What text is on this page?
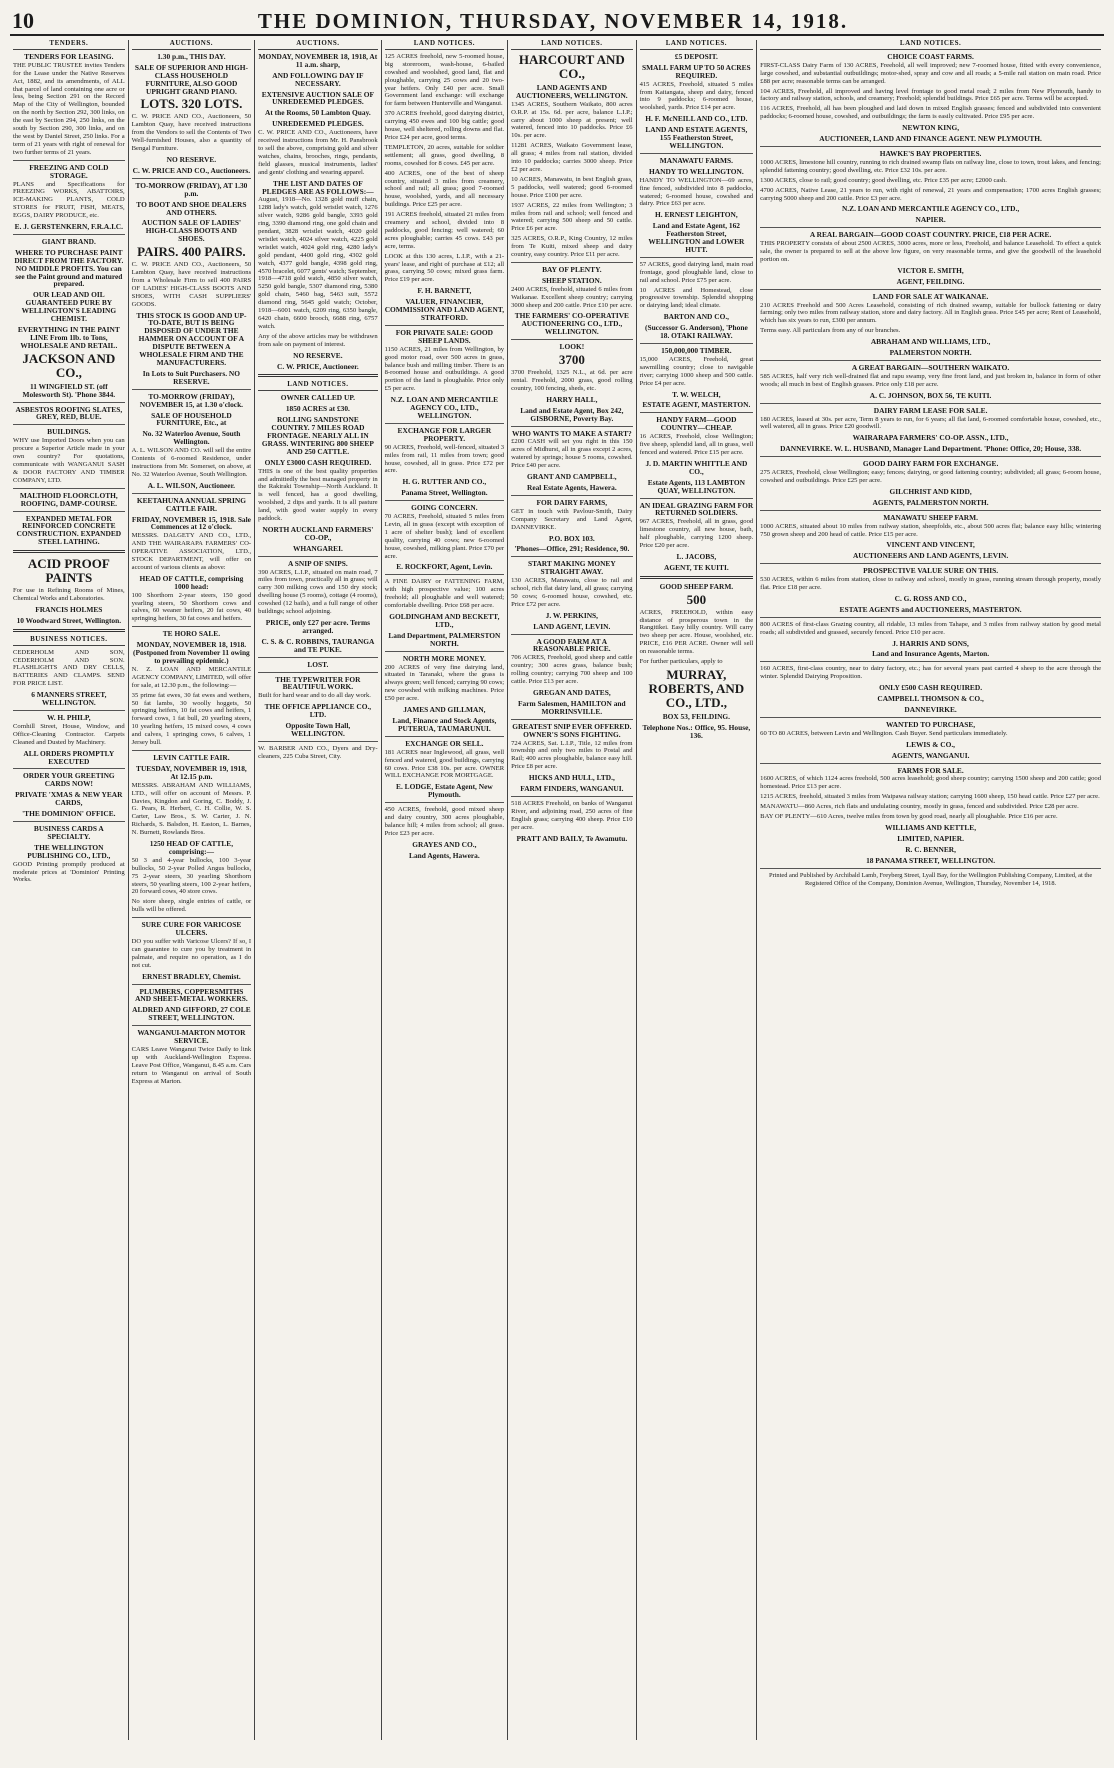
10	THE DOMINION, THURSDAY, NOVEMBER 14, 1918.
TENDERS.
TENDERS FOR LEASING.

THE PUBLIC TRUSTEE invites Tenders for the Lease under the Native Reserves Act, 1882, and its amendments, of ALL that parcel of land containing one acre or less, being Section 291 on the Record Map of the City of Wellington, bounded on the north by Section 292, 300 links, on the east by Section 294, 250 links, on the south by Section 290, 300 links, and on the west by Daniel Street, 250 links. For a term of 21 years with right of renewal for two further terms of 21 years.

FREEZING AND COLD STORAGE.

PLANS and Specifications for FREEZING WORKS, ABATTOIRS, ICE-MAKING PLANTS, COLD STORES for FRUIT, FISH, MEATS, EGGS, DAIRY PRODUCE, etc.

E. J. GERSTENKERN, F.R.A.I.C.
GIANT BRAND.

WHERE TO PURCHASE PAINT DIRECT FROM THE FACTORY. NO MIDDLE PROFITS. You can see the Paint ground and matured prepared.

OUR LEAD AND OIL GUARANTEED PURE BY WELLINGTON'S LEADING CHEMIST.

EVERYTHING IN THE PAINT LINE From 1lb. to Tons, WHOLESALE AND RETAIL.

JACKSON AND CO.,

11 WINGFIELD ST. (off Molesworth St). 'Phone 3844.

ASBESTOS ROOFING SLATES, GREY, RED, BLUE.
BUILDINGS.

WHY use Imported Doors when you can procure a Superior Article made in your own country? For quotations, communicate with WANGANUI SASH & DOOR FACTORY AND TIMBER COMPANY, LTD.

MALTHOID FLOORCLOTH, ROOFING, DAMP-COURSE.
EXPANDED METAL FOR REINFORCED CONCRETE CONSTRUCTION. EXPANDED STEEL LATHING.
ACID PROOF PAINTS

For use in Refining Rooms of Mines, Chemical Works and Laboratories.

FRANCIS HOLMES

10 Woodward Street, Wellington.

BUSINESS NOTICES.

CEDERHOLM AND SON, CEDERHOLM AND SON. FLASHLIGHTS AND DRY CELLS, BATTERIES AND CLAMPS. SEND FOR PRICE LIST.

6 MANNERS STREET, WELLINGTON.

W. H. PHILP,

Cornhill Street, House, Window, and Office-Cleaning Contractor. Carpets Cleaned and Dusted by Machinery.

ALL ORDERS PROMPTLY EXECUTED

ORDER YOUR GREETING CARDS NOW!
PRIVATE 'XMAS & NEW YEAR CARDS,

'THE DOMINION' OFFICE.

BUSINESS CARDS A SPECIALTY.
THE WELLINGTON PUBLISHING CO., LTD.,

GOOD Printing promptly produced at moderate prices at 'Dominion' Printing Works.

AUCTIONS.
1.30 p.m., THIS DAY.
SALE OF SUPERIOR AND HIGH-CLASS HOUSEHOLD FURNITURE, ALSO GOOD UPRIGHT GRAND PIANO.
LOTS. 320 LOTS.

C. W. PRICE AND CO., Auctioneers, 50 Lambton Quay, have received instructions from the Vendors to sell the Contents of Two Well-furnished Houses, also a quantity of Bengal Furniture.

NO RESERVE.

C. W. PRICE AND CO., Auctioneers.

TO-MORROW (FRIDAY), AT 1.30 p.m.
TO BOOT AND SHOE DEALERS AND OTHERS.
AUCTION SALE OF LADIES' HIGH-CLASS BOOTS AND SHOES.
PAIRS. 400 PAIRS.

C. W. PRICE AND CO., Auctioneers, 50 Lambton Quay, have received instructions from a Wholesale Firm to sell 400 PAIRS OF LADIES' HIGH-CLASS BOOTS AND SHOES, WITH CASH SUPPLIERS' GOODS.

THIS STOCK IS GOOD AND UP-TO-DATE, BUT IS BEING DISPOSED OF UNDER THE HAMMER ON ACCOUNT OF A DISPUTE BETWEEN A WHOLESALE FIRM AND THE MANUFACTURERS.

In Lots to Suit Purchasers. NO RESERVE.

TO-MORROW (FRIDAY), NOVEMBER 15, at 1.30 o'clock.
SALE OF HOUSEHOLD FURNITURE, Etc., at

No. 32 Waterloo Avenue, South Wellington.

A. L. WILSON AND CO. will sell the entire Contents of 6-roomed Residence, under instructions from Mr. Somerset, on above, at No. 32 Waterloo Avenue, South Wellington.

A. L. WILSON, Auctioneer.

KEETAHUNA ANNUAL SPRING CATTLE FAIR.

FRIDAY, NOVEMBER 15, 1918. Sale Commences at 12 o'clock.

MESSRS. DALGETY AND CO., LTD., AND THE WAIRARAPA FARMERS' CO-OPERATIVE ASSOCIATION, LTD., STOCK DEPARTMENT, will offer on account of various clients as above:

HEAD OF CATTLE, comprising 1000 head:

100 Shorthorn 2-year steers, 150 good yearling steers, 50 Shorthorn cows and calves, 60 weaner heifers, 20 fat cows, 40 springing heifers, 30 fat cows and heifers.

TE HORO SALE.

MONDAY, NOVEMBER 18, 1918. (Postponed from November 11 owing to prevailing epidemic.)

N. Z. LOAN AND MERCANTILE AGENCY COMPANY, LIMITED, will offer for sale, at 12.30 p.m., the following:—

35 prime fat ewes, 30 fat ewes and wethers, 50 fat lambs, 30 woolly hoggets, 50 springing heifers, 10 fat cows and heifers, 1 forward cows, 1 fat bull, 20 yearling steers, 10 yearling heifers, 15 mixed cows, 4 cows and calves, 1 springing cows, 6 calves, 1 Jersey bull.

LEVIN CATTLE FAIR.

TUESDAY, NOVEMBER 19, 1918, At 12.15 p.m.

MESSRS. ABRAHAM AND WILLIAMS, LTD., will offer on account of Messrs. P. Davies, Kingdon and Goring, C. Boddy, J. G. Pears, R. Herbert, C. H. Collie, W. S. Carter, Law Bros., S. W. Carter, J. N. Richards, S. Balsdon, H. Easton, L. Barnes, N. Burnett, Rowlands Bros.

1250 HEAD OF CATTLE, comprising:—

50 3 and 4-year bullocks, 100 3-year bullocks, 50 2-year Polled Angus bullocks, 75 2-year steers, 30 yearling Shorthorn steers, 50 yearling steers, 100 2-year heifers, 20 forward cows, 40 store cows.

No store sheep, single entries of cattle, or bulls will be offered.

SURE CURE FOR VARICOSE ULCERS.

DO you suffer with Varicose Ulcers? If so, I can guarantee to cure you by treatment in palmate, and require no operation, as I do not cut.

ERNEST BRADLEY, Chemist.

PLUMBERS, COPPERSMITHS AND SHEET-METAL WORKERS.

ALDRED AND GIFFORD, 27 COLE STREET, WELLINGTON.

WANGANUI-MARTON MOTOR SERVICE.

CARS Leave Wanganui Twice Daily to link up with Auckland-Wellington Express. Leave Post Office, Wanganui, 8.45 a.m. Cars return to Wanganui on arrival of South Express at Marton.

AUCTIONS.
MONDAY, NOVEMBER 18, 1918, At 11 a.m. sharp,
AND FOLLOWING DAY IF NECESSARY.
EXTENSIVE AUCTION SALE OF UNREDEEMED PLEDGES.

At the Rooms, 50 Lambton Quay.

UNREDEEMED PLEDGES.

C. W. PRICE AND CO., Auctioneers, have received instructions from Mr. H. Pansbrook to sell the above, comprising gold and silver watches, chains, brooches, rings, pendants, field glasses, musical instruments, ladies' and gents' clothing and wearing apparel.

THE LIST AND DATES OF PLEDGES ARE AS FOLLOWS:—

August, 1918—No. 1328 gold muff chain, 1288 lady's watch, gold wristlet watch, 1276 silver watch, 9286 gold bangle, 3393 gold ring, 3390 diamond ring, one gold chain and pendant, 3828 wristlet watch, 4020 gold wristlet watch, 4024 silver watch, 4225 gold wristlet watch, 4024 gold ring, 4280 lady's gold pendant, 4400 gold ring, 4302 gold watch, 4377 gold bangle, 4398 gold ring, 4570 bracelet, 6077 gents' watch; September, 1918—4718 gold watch, 4850 silver watch, 5250 gold bangle, 5307 diamond ring, 5380 gold chain, 5460 bag, 5463 suit, 5572 diamond ring, 5645 gold watch; October, 1918—6001 watch, 6209 ring, 6350 bangle, 6420 chain, 6600 brooch, 6688 ring, 6757 watch.

Any of the above articles may be withdrawn from sale on payment of interest.

NO RESERVE.

C. W. PRICE, Auctioneer.

LAND NOTICES.
OWNER CALLED UP.
1850 ACRES at £30.

ROLLING SANDSTONE COUNTRY. 7 MILES ROAD FRONTAGE. NEARLY ALL IN GRASS. WINTERING 800 SHEEP AND 250 CATTLE.

ONLY £3000 CASH REQUIRED.

THIS is one of the best quality properties and admittedly the best managed property in the Rakiraki Township—North Auckland. It is well fenced, has a good dwelling, woolshed, 2 dips and yards. It is all pasture land, with good water supply in every paddock.

NORTH AUCKLAND FARMERS' CO-OP.,

WHANGAREI.

A SNIP OF SNIPS.

390 ACRES, L.I.P., situated on main road, 7 miles from town, practically all in grass; will carry 300 milking cows and 150 dry stock; dwelling house (5 rooms), cottage (4 rooms), cowshed (12 bails), and a full range of other buildings; school adjoining.

PRICE, only £27 per acre. Terms arranged.

C. S. & C. ROBBINS, TAURANGA and TE PUKE.

LOST.
THE TYPEWRITER FOR BEAUTIFUL WORK.

Built for hard wear and to do all day work.

THE OFFICE APPLIANCE CO., LTD.

Opposite Town Hall, WELLINGTON.

W. BARBER AND CO., Dyers and Dry-cleaners, 225 Cuba Street, City.

LAND NOTICES.

125 ACRES freehold, new 5-roomed house, big storeroom, wash-house, 6-bailed cowshed and woolshed, good land, flat and ploughable, carrying 25 cows and 20 two-year heifers. Only £40 per acre. Small Government land exchange: will exchange for farm between Hunterville and Wanganui.

370 ACRES freehold, good dairying district, carrying 450 ewes and 100 big cattle; good house, well sheltered, rolling downs and flat. Price £24 per acre, good terms.

TEMPLETON, 20 acres, suitable for soldier settlement; all grass, good dwelling, 8 rooms, cowshed for 8 cows. £45 per acre.

400 ACRES, one of the best of sheep country, situated 3 miles from creamery, school and rail; all grass; good 7-roomed house, woolshed, yards, and all necessary buildings. Price £25 per acre.

191 ACRES freehold, situated 21 miles from creamery and school, divided into 8 paddocks, good fencing; well watered; 60 acres ploughable; carries 45 cows. £43 per acre, terms.

LOOK at this 130 acres, L.I.P., with a 21-years' lease, and right of purchase at £12; all grass, carrying 50 cows; mixed grass farm. Price £19 per acre.

F. H. BARNETT,

VALUER, FINANCIER, COMMISSION AND LAND AGENT, STRATFORD.

FOR PRIVATE SALE: GOOD SHEEP LANDS.

1150 ACRES, 21 miles from Wellington, by good motor road, over 500 acres in grass, balance bush and milling timber. There is an 8-roomed house and outbuildings. A good portion of the land is ploughable. Price only £5 per acre.

N.Z. LOAN AND MERCANTILE AGENCY CO., LTD., WELLINGTON.

EXCHANGE FOR LARGER PROPERTY.

90 ACRES, Freehold, well-fenced, situated 3 miles from rail, 11 miles from town; good house, cowshed, all in grass. Price £72 per acre.

H. G. RUTTER AND CO.,

Panama Street, Wellington.

GOING CONCERN.

70 ACRES, Freehold, situated 5 miles from Levin, all in grass (except with exception of 1 acre of shelter bush); land of excellent quality, carrying 40 cows; new 6-roomed house, cowshed, milking plant. Price £70 per acre.

E. ROCKFORT, Agent, Levin.

A FINE DAIRY or FATTENING FARM, with high prospective value; 100 acres freehold; all ploughable and well watered; comfortable dwelling. Price £68 per acre.

GOLDINGHAM AND BECKETT, LTD.,

Land Department, PALMERSTON NORTH.

NORTH MORE MONEY.

200 ACRES of very fine dairying land, situated in Taranaki, where the grass is always green; well fenced; carrying 90 cows; new cowshed with milking machines. Price £50 per acre.

JAMES AND GILLMAN,

Land, Finance and Stock Agents, PUTERUA, TAUMARUNUI.

EXCHANGE OR SELL.

181 ACRES near Inglewood, all grass, well fenced and watered, good buildings, carrying 60 cows. Price £38 10s. per acre. OWNER WILL EXCHANGE FOR MORTGAGE.

E. LODGE, Estate Agent, New Plymouth.

450 ACRES, freehold, good mixed sheep and dairy country, 300 acres ploughable, balance hill; 4 miles from school; all grass. Price £23 per acre.

GRAYES AND CO.,

Land Agents, Hawera.

LAND NOTICES.
HARCOURT AND CO.,

LAND AGENTS AND AUCTIONEERS, WELLINGTON.

1345 ACRES, Southern Waikato, 800 acres O.R.P. at 15s. 6d. per acre, balance L.I.P.; carry about 1000 sheep at present; well watered, fenced into 10 paddocks. Price £6 10s. per acre.

11281 ACRES, Waikato Government lease, all grass; 4 miles from rail station, divided into 10 paddocks; carries 3000 sheep. Price £2 per acre.

10 ACRES, Manawatu, in best English grass, 5 paddocks, well watered; good 6-roomed house. Price £100 per acre.

1937 ACRES, 22 miles from Wellington; 3 miles from rail and school; well fenced and watered; carrying 500 sheep and 50 cattle. Price £6 per acre.

325 ACRES, O.R.P., King Country, 12 miles from Te Kuiti, mixed sheep and dairy country, easy country. Price £11 per acre.

BAY OF PLENTY.
SHEEP STATION.

2400 ACRES, freehold, situated 6 miles from Waikanae. Excellent sheep country; carrying 3000 sheep and 200 cattle. Price £10 per acre.

THE FARMERS' CO-OPERATIVE AUCTIONEERING CO., LTD., WELLINGTON.

LOOK!
3700

3700 Freehold, 1325 N.L., at 6d. per acre rental. Freehold, 2000 grass, good rolling country, 100 fencing, sheds, etc.

HARRY HALL,

Land and Estate Agent, Box 242, GISBORNE, Poverty Bay.

WHO WANTS TO MAKE A START?

£200 CASH will set you right in this 150 acres of Midhurst, all in grass except 2 acres, watered by springs; house 5 rooms, cowshed. Price £40 per acre.

GRANT AND CAMPBELL,

Real Estate Agents, Hawera.

FOR DAIRY FARMS,

GET in touch with Pavlour-Smith, Dairy Company Secretary and Land Agent, DANNEVIRKE.

P.O. BOX 103.

'Phones—Office, 291; Residence, 90.

START MAKING MONEY STRAIGHT AWAY.

130 ACRES, Manawatu, close to rail and school, rich flat dairy land, all grass; carrying 50 cows; 6-roomed house, cowshed, etc. Price £72 per acre.

J. W. PERKINS,

LAND AGENT, LEVIN.

A GOOD FARM AT A REASONABLE PRICE.

706 ACRES, Freehold, good sheep and cattle country; 300 acres grass, balance bush; rolling country; carrying 700 sheep and 100 cattle. Price £13 per acre.

GREGAN AND DATES,

Farm Salesmen, HAMILTON and MORRINSVILLE.

GREATEST SNIP EVER OFFERED. OWNER'S SONS FIGHTING.

724 ACRES, Sat. L.I.P., Title, 12 miles from township and only two miles to Postal and Rail; 400 acres ploughable, balance easy hill. Price £8 per acre.

HICKS AND HULL, LTD.,

FARM FINDERS, WANGANUI.

518 ACRES Freehold, on banks of Wanganui River, and adjoining road, 250 acres of fine English grass; carrying 400 sheep. Price £10 per acre.

PRATT AND BAILY, Te Awamutu.

LAND NOTICES.
£5 DEPOSIT.
SMALL FARM UP TO 50 ACRES REQUIRED.

415 ACRES, Freehold, situated 5 miles from Kaitangata, sheep and dairy, fenced into 9 paddocks; 6-roomed house, woolshed, yards. Price £14 per acre.

H. F. McNEILL AND CO., LTD.

LAND AND ESTATE AGENTS, 155 Featherston Street, WELLINGTON.

MANAWATU FARMS.
HANDY TO WELLINGTON.

HANDY TO WELLINGTON—69 acres, fine fenced, subdivided into 8 paddocks, watered; 6-roomed house, cowshed and dairy. Price £63 per acre.

H. ERNEST LEIGHTON,

Land and Estate Agent, 162 Featherston Street, WELLINGTON and LOWER HUTT.

57 ACRES, good dairying land, main road frontage, good ploughable land, close to rail and school. Price £75 per acre.

10 ACRES and Homestead, close progressive township. Splendid shopping or dairying land; ideal climate.

BARTON AND CO.,

(Successor G. Anderson), 'Phone 18. OTAKI RAILWAY.

150,000,000 TIMBER.

15,000 ACRES, Freehold, great sawmilling country; close to navigable river; carrying 1000 sheep and 500 cattle. Price £4 per acre.

T. W. WELCH,

ESTATE AGENT, MASTERTON.

HANDY FARM—GOOD COUNTRY—CHEAP.

16 ACRES, Freehold, close Wellington; five sheep, splendid land, all in grass, well fenced and watered. Price £15 per acre.

J. D. MARTIN WHITTLE AND CO.,

Estate Agents, 113 LAMBTON QUAY, WELLINGTON.

AN IDEAL GRAZING FARM FOR RETURNED SOLDIERS.

967 ACRES, Freehold, all in grass, good limestone country, all new house, bath, half ploughable, carrying 1200 sheep. Price £20 per acre.

L. JACOBS,

AGENT, TE KUITI.

GOOD SHEEP FARM.
500

ACRES, FREEHOLD, within easy distance of prosperous town in the Rangitikei. Easy hilly country. Will carry two sheep per acre. House, woolshed, etc. PRICE, £16 PER ACRE. Owner will sell on reasonable terms.

For further particulars, apply to

MURRAY, ROBERTS, AND CO., LTD.,

BOX 53, FEILDING.

Telephone Nos.: Office, 95. House, 136.

LAND NOTICES.
CHOICE COAST FARMS.

FIRST-CLASS Dairy Farm of 130 ACRES, Freehold, all well improved; new 7-roomed house, fitted with every convenience, large cowshed, and substantial outbuildings; motor-shed, spray and cow and all roads; a 5-mile rail station on main road. Price £88 per acre; reasonable terms can be arranged.

104 ACRES, Freehold, all improved and having level frontage to good metal road; 2 miles from New Plymouth, handy to factory and railway station, schools, and creamery; Freehold; splendid buildings. Price £65 per acre. Terms will be accepted.

116 ACRES, Freehold, all has been ploughed and laid down in mixed English grasses; fenced and subdivided into convenient paddocks; 6-roomed house, cowshed, and outbuildings; the farm is easily cultivated. Price £95 per acre.

NEWTON KING,

AUCTIONEER, LAND AND FINANCE AGENT. NEW PLYMOUTH.

HAWKE'S BAY PROPERTIES.

1000 ACRES, limestone hill country, running to rich drained swamp flats on railway line, close to town, trout lakes, and fencing; splendid fattening country; good dwelling, etc. Price £32 10s. per acre.

1300 ACRES, close to rail; good country; good dwelling, etc. Price £35 per acre; £2000 cash.

4700 ACRES, Native Lease, 21 years to run, with right of renewal, 21 years and compensation; 1700 acres English grasses; carrying 5000 sheep and 200 cattle. Price £3 per acre.

N.Z. LOAN AND MERCANTILE AGENCY CO., LTD.,

NAPIER.

A REAL BARGAIN—GOOD COAST COUNTRY. PRICE, £18 PER ACRE.

THIS PROPERTY consists of about 2500 ACRES, 3000 acres, more or less, Freehold, and balance Leasehold. To effect a quick sale, the owner is prepared to sell at the above low figure, on very reasonable terms, and give the goodwill of the leasehold portion on.

VICTOR E. SMITH,

AGENT, FEILDING.

LAND FOR SALE AT WAIKANAE.

210 ACRES Freehold and 500 Acres Leasehold, consisting of rich drained swamp, suitable for bullock fattening or dairy farming; only two miles from railway station, store and dairy factory. All in English grass. Price £45 per acre; Rent of Leasehold, which has six years to run, £300 per annum.

Terms easy. All particulars from any of our branches.

ABRAHAM AND WILLIAMS, LTD.,

PALMERSTON NORTH.

A GREAT BARGAIN—SOUTHERN WAIKATO.

585 ACRES, half very rich well-drained flat and rapu swamp, very fine front land, and just broken in, balance in form of other woods; all much in best of English grasses. Price only £18 per acre.

A. C. JOHNSON, BOX 56, TE KUITI.

DAIRY FARM LEASE FOR SALE.

180 ACRES, leased at 30s. per acre, Term 8 years to run, for 6 years; all flat land, 6-roomed comfortable house, cowshed, etc., well watered, all in grass. Price £20 goodwill.

WAIRARAPA FARMERS' CO-OP. ASSN., LTD.,

DANNEVIRKE. W. L. HUSBAND, Manager Land Department. 'Phone: Office, 20; House, 338.

GOOD DAIRY FARM FOR EXCHANGE.

275 ACRES, Freehold, close Wellington; easy; fences; dairying, or good fattening country; subdivided; all grass; 6-room house, cowshed and outbuildings. Price £25 per acre.

GILCHRIST AND KIDD,

AGENTS, PALMERSTON NORTH.

MANAWATU SHEEP FARM.

1000 ACRES, situated about 10 miles from railway station, sheepfolds, etc., about 500 acres flat; balance easy hills; wintering 750 grown sheep and 200 head of cattle. Price £15 per acre.

VINCENT AND VINCENT,

AUCTIONEERS AND LAND AGENTS, LEVIN.

PROSPECTIVE VALUE SURE ON THIS.

530 ACRES, within 6 miles from station, close to railway and school, mostly in grass, running stream through property, mostly flat. Price £18 per acre.

C. G. ROSS AND CO.,

ESTATE AGENTS and AUCTIONEERS, MASTERTON.

800 ACRES of first-class Grazing country, all ridable, 13 miles from Tahape, and 3 miles from railway station by good metal roads; all subdivided and grassed, securely fenced. Price £10 per acre.

J. HARRIS AND SONS,

Land and Insurance Agents, Marton.

160 ACRES, first-class country, near to dairy factory, etc.; has for several years past carried 4 sheep to the acre through the winter. Splendid Dairying Proposition.

ONLY £500 CASH REQUIRED.
CAMPBELL THOMSON & CO.,

DANNEVIRKE.

WANTED TO PURCHASE,

60 TO 80 ACRES, between Levin and Wellington. Cash Buyer. Send particulars immediately.

LEWIS & CO.,

AGENTS, WANGANUI.

FARMS FOR SALE.

1600 ACRES, of which 1124 acres freehold, 500 acres leasehold; good sheep country; carrying 1500 sheep and 200 cattle; good homestead. Price £13 per acre.

1215 ACRES, freehold, situated 3 miles from Waipawa railway station; carrying 1600 sheep, 150 head cattle. Price £27 per acre.

MANAWATU—860 Acres, rich flats and undulating country, mostly in grass, fenced and subdivided. Price £28 per acre.

BAY OF PLENTY—610 Acres, twelve miles from town by good road, nearly all ploughable. Price £16 per acre.

WILLIAMS AND KETTLE,

LIMITED, NAPIER.

R. C. BENNER,

18 PANAMA STREET, WELLINGTON.

Printed and Published by Archibald Lamb, Freyberg Street, Lyall Bay, for the Wellington Publishing Company, Limited, at the Registered Office of the Company, Dominion Avenue, Wellington, Thursday, November 14, 1918.
